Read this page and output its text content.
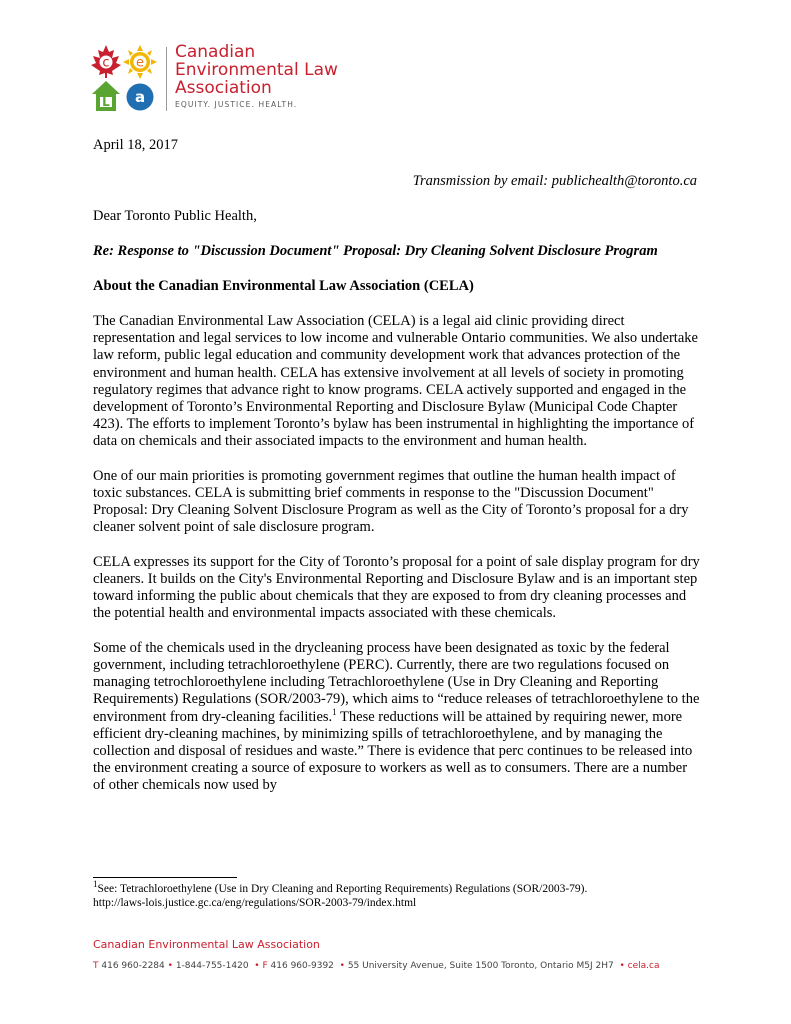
c e
L a
Canadian
Environmental Law
Association
EQUITY. JUSTICE. HEALTH.
April 18, 2017
Transmission by email: publichealth@toronto.ca
Dear Toronto Public Health,
Re: Response to "Discussion Document" Proposal: Dry Cleaning Solvent Disclosure Program
About the Canadian Environmental Law Association (CELA)

The Canadian Environmental Law Association (CELA) is a legal aid clinic providing direct representation and legal services to low income and vulnerable Ontario communities. We also undertake law reform, public legal education and community development work that advances protection of the environment and human health. CELA has extensive involvement at all levels of society in promoting regulatory regimes that advance right to know programs. CELA actively supported and engaged in the development of Toronto’s Environmental Reporting and Disclosure Bylaw (Municipal Code Chapter 423). The efforts to implement Toronto’s bylaw has been instrumental in highlighting the importance of data on chemicals and their associated impacts to the environment and human health.

One of our main priorities is promoting government regimes that outline the human health impact of toxic substances. CELA is submitting brief comments in response to the "Discussion Document" Proposal: Dry Cleaning Solvent Disclosure Program as well as the City of Toronto’s proposal for a dry cleaner solvent point of sale disclosure program.

CELA expresses its support for the City of Toronto’s proposal for a point of sale display program for dry cleaners. It builds on the City's Environmental Reporting and Disclosure Bylaw and is an important step toward informing the public about chemicals that they are exposed to from dry cleaning processes and the potential health and environmental impacts associated with these chemicals.

Some of the chemicals used in the drycleaning process have been designated as toxic by the federal government, including tetrachloroethylene (PERC). Currently, there are two regulations focused on managing tetrochloroethylene including Tetrachloroethylene (Use in Dry Cleaning and Reporting Requirements) Regulations (SOR/2003-79), which aims to “reduce releases of tetrachloroethylene to the environment from dry-cleaning facilities.$^1$ These reductions will be attained by requiring newer, more efficient dry-cleaning machines, by minimizing spills of tetrachloroethylene, and by managing the collection and disposal of residues and waste.” There is evidence that perc continues to be released into the environment creating a source of exposure to workers as well as to consumers. There are a number of other chemicals now used by

$^1$See: Tetrachloroethylene (Use in Dry Cleaning and Reporting Requirements) Regulations (SOR/2003-79).
http://laws-lois.justice.gc.ca/eng/regulations/SOR-2003-79/index.html
Canadian Environmental Law Association
T 416 960-2284 • 1-844-755-1420 • F 416 960-9392 • 55 University Avenue, Suite 1500 Toronto, Ontario M5J 2H7 • cela.ca
